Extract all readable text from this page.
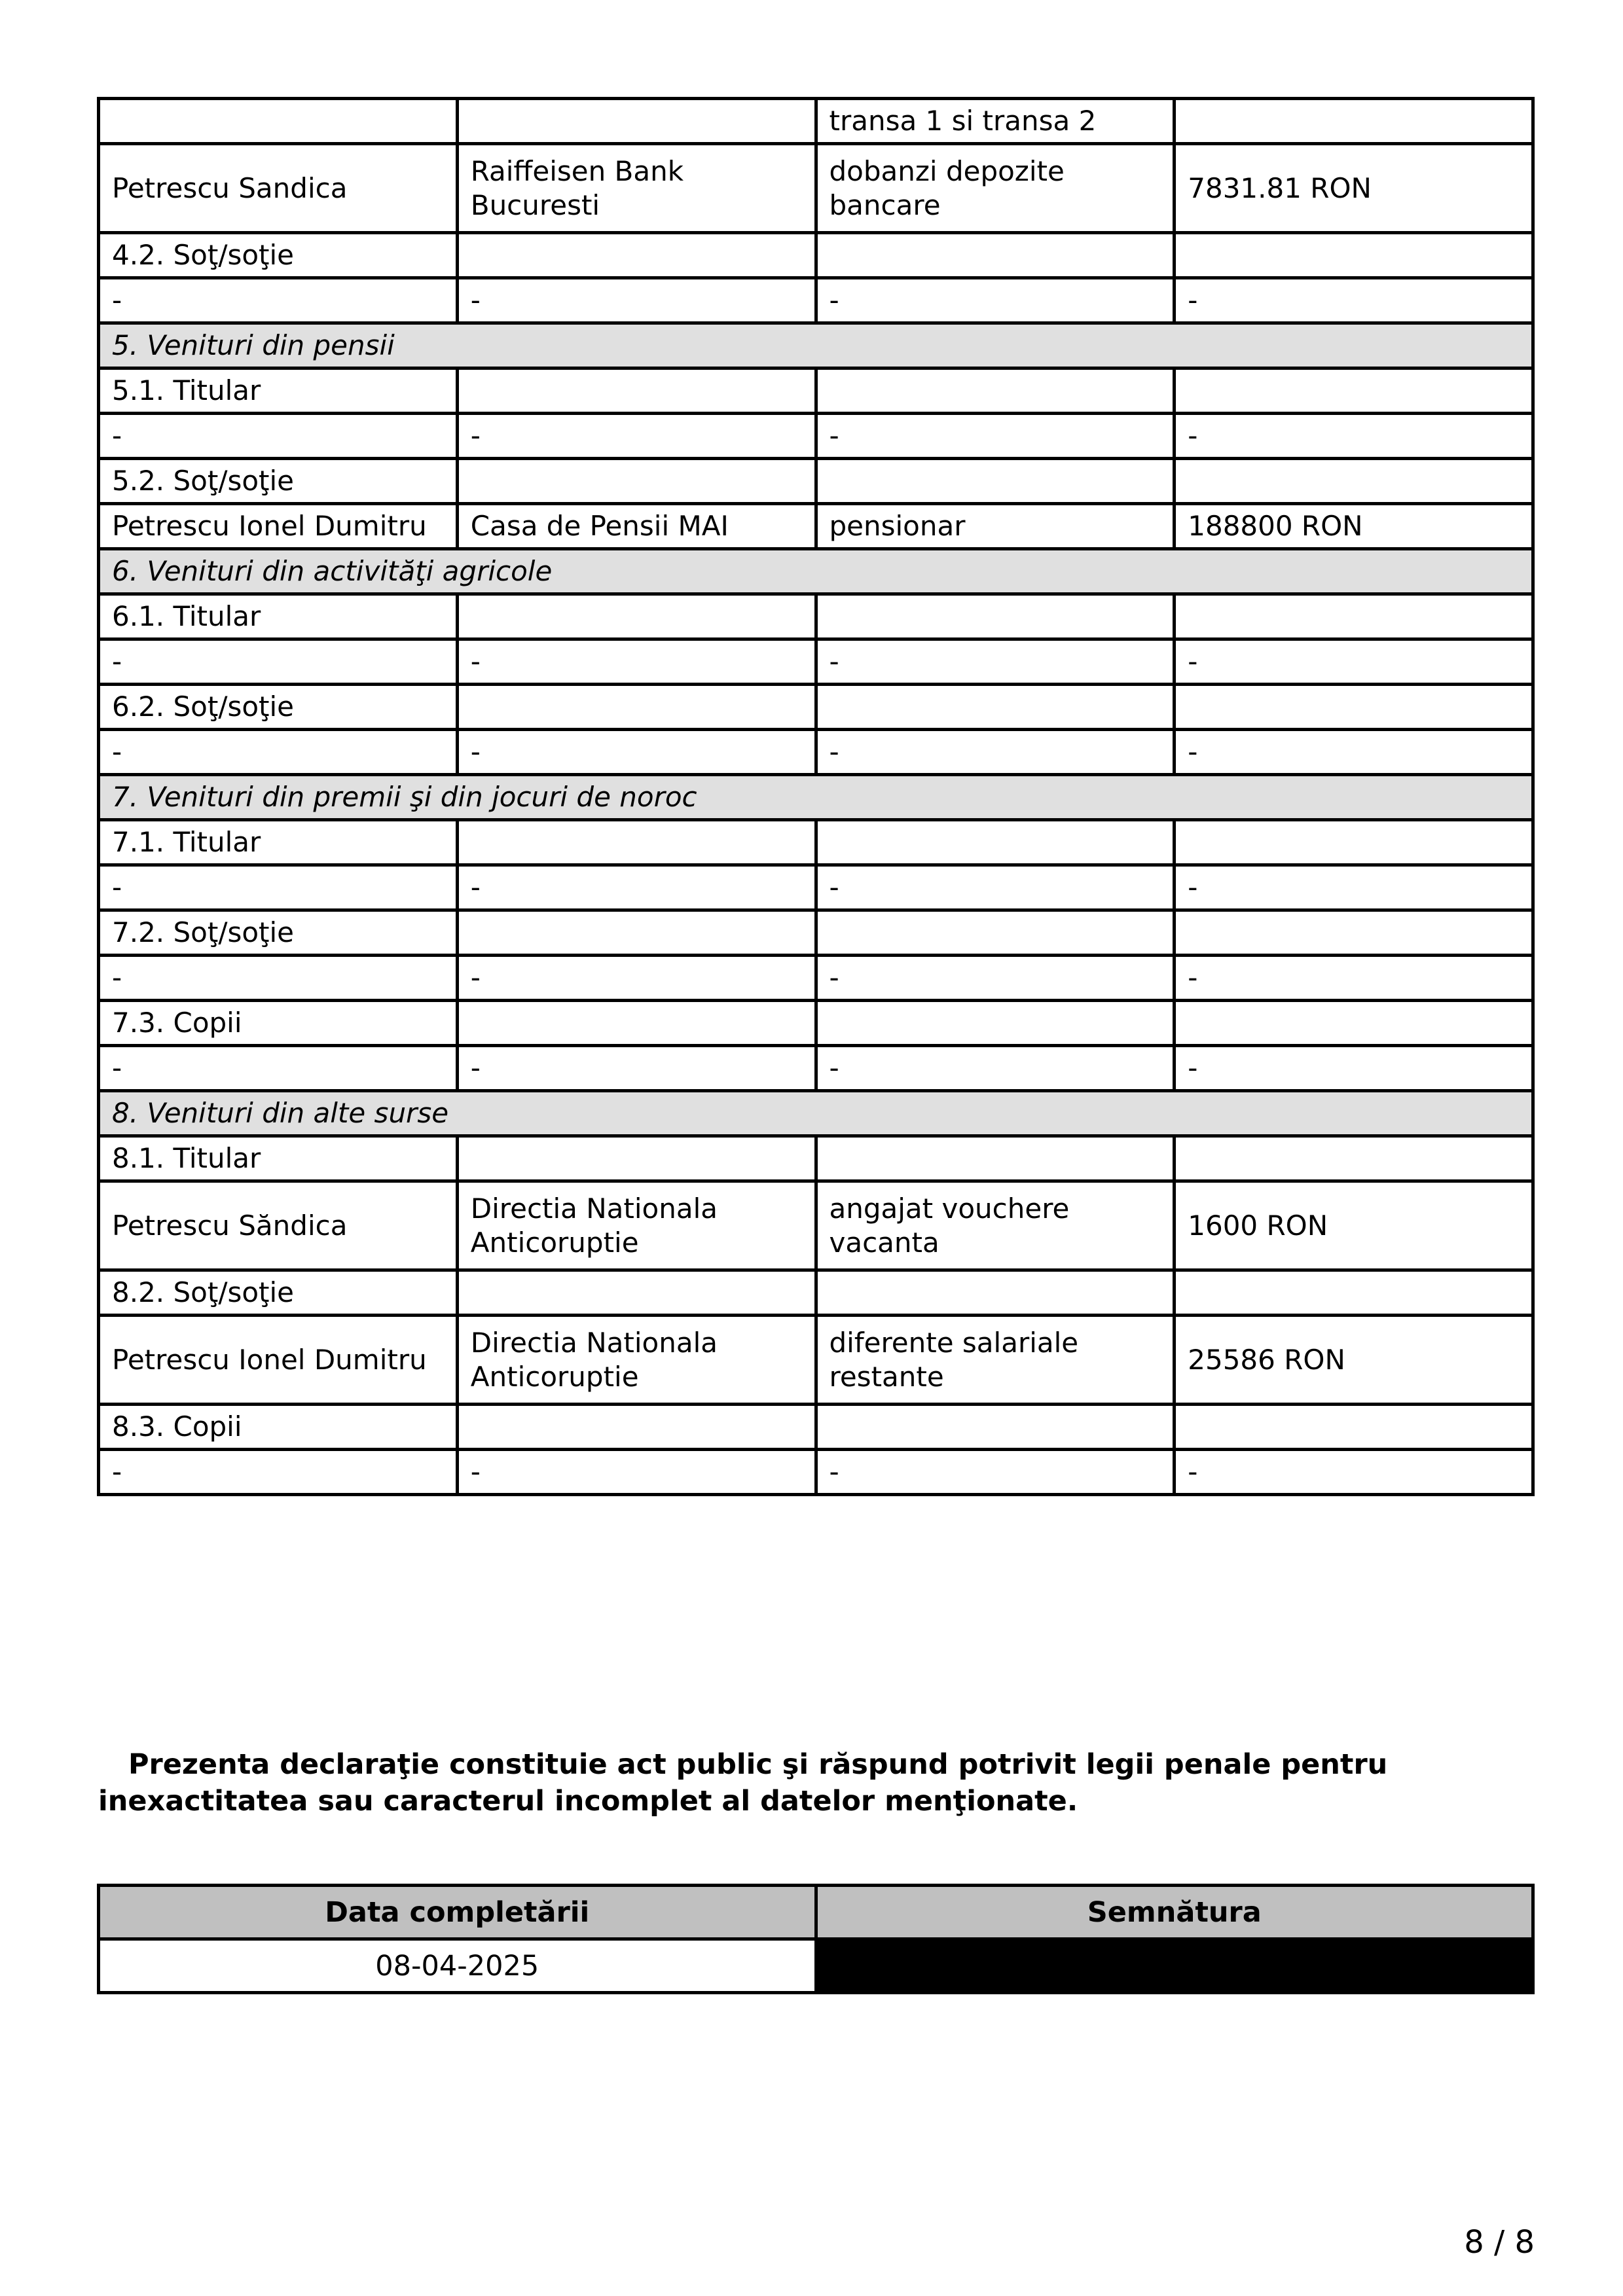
		transa 1 si transa 2	
Petrescu Sandica	Raiffeisen Bank Bucuresti	dobanzi depozite bancare	7831.81 RON
4.2. Soţ/soţie			
-	-	-	-
5. Venituri din pensii			
5.1. Titular			
-	-	-	-
5.2. Soţ/soţie			
Petrescu Ionel Dumitru	Casa de Pensii MAI	pensionar	188800 RON
6. Venituri din activităţi agricole			
6.1. Titular			
-	-	-	-
6.2. Soţ/soţie			
-	-	-	-
7. Venituri din premii şi din jocuri de noroc			
7.1. Titular			
-	-	-	-
7.2. Soţ/soţie			
-	-	-	-
7.3. Copii			
-	-	-	-
8. Venituri din alte surse			
8.1. Titular			
Petrescu Săndica	Directia Nationala Anticoruptie	angajat vouchere vacanta	1600 RON
8.2. Soţ/soţie			
Petrescu Ionel Dumitru	Directia Nationala Anticoruptie	diferente salariale restante	25586 RON
8.3. Copii			
-	-	-	-
Prezenta declaraţie constituie act public şi răspund potrivit legii penale pentru inexactitatea sau caracterul incomplet al datelor menţionate.
Data completării	Semnătura
08-04-2025	
8 / 8
